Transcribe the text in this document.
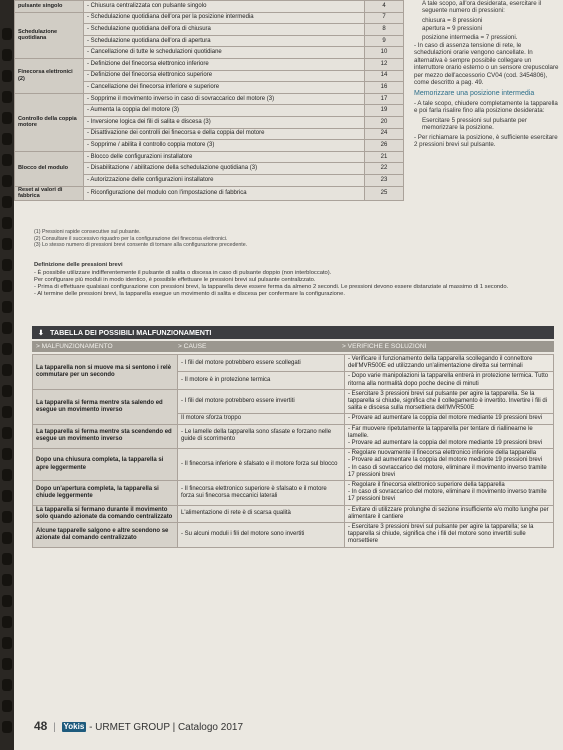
pulsante singolo	- Chiusura centralizzata con pulsante singolo	4
Schedulazione quotidiana	- Schedulazione quotidiana dell'ora per la posizione intermedia	7
	- Schedulazione quotidiana dell'ora di chiusura	8
	- Schedulazione quotidiana dell'ora di apertura	9
	- Cancellazione di tutte le schedulazioni quotidiane	10
Finecorsa elettronici (2)	- Definizione del finecorsa elettronico inferiore	12
	- Definizione del finecorsa elettronico superiore	14
	- Cancellazione dei finecorsa inferiore e superiore	16
Controllo della coppia motore	- Sopprime il movimento inverso in caso di sovraccarico del motore (3)	17
	- Aumenta la coppia del motore (3)	19
	- Inversione logica dei fili di salita e discesa (3)	20
	- Disattivazione dei controlli dei finecorsa e della coppia del motore	24
	- Sopprime / abilita il controllo coppia motore (3)	26
Blocco del modulo	- Blocco delle configurazioni installatore	21
	- Disabilitazione / abilitazione della schedulazione quotidiana (3)	22
	- Autorizzazione delle configurazioni installatore	23
Reset ai valori di fabbrica	- Riconfigurazione del modulo con l'impostazione di fabbrica	25

A tale scopo, all'ora desiderata, esercitare il seguente numero di pressioni:

chiusura = 8 pressioni

apertura = 9 pressioni

posizione intermedia = 7 pressioni.

- In caso di assenza tensione di rete, le schedulazioni orarie vengono cancellate. In alternativa è sempre possibile collegare un interruttore orario esterno o un sensore crepuscolare per mezzo dell'accessorio CV04 (cod. 3454806), come descritto a pag. 49.

Memorizzare una posizione intermedia

- A tale scopo, chiudere completamente la tapparella e poi farla risalire fino alla posizione desiderata:

Esercitare 5 pressioni sul pulsante per memorizzare la posizione.

- Per richiamare la posizione, è sufficiente esercitare 2 pressioni brevi sul pulsante.

(1) Pressioni rapide consecutive sul pulsante.

(2) Consultare il successivo riquadro per la configurazione dei finecorsa elettronici.

(3) Lo stesso numero di pressioni brevi consente di tornare alla configurazione precedente.

Definizione delle pressioni brevi

- È possibile utilizzare indifferentemente il pulsante di salita o discesa in caso di pulsante doppio (non interbloccato).

Per configurare più moduli in modo identico, è possibile effettuare le pressioni brevi sul pulsante centralizzato.

- Prima di effettuare qualsiasi configurazione con pressioni brevi, la tapparella deve essere ferma da almeno 2 secondi. Le pressioni devono essere distanziate al massimo di 1 secondo.

- Al termine delle pressioni brevi, la tapparella esegue un movimento di salita e discesa per confermare la configurazione.

⬇ TABELLA DEI POSSIBILI MALFUNZIONAMENTI
> MALFUNZIONAMENTO	> CAUSE	> VERIFICHE E SOLUZIONI
La tapparella non si muove ma si sentono i relè commutare per un secondo	- I fili del motore potrebbero essere scollegati	- Verificare il funzionamento della tapparella scollegando il connettore dell'MVR500E ed utilizzando un'alimentazione diretta sui terminali
	- Il motore è in protezione termica	- Dopo varie manipolazioni la tapparella entrerà in protezione termica. Tutto ritorna alla normalità dopo poche decine di minuti
La tapparella si ferma mentre sta salendo ed esegue un movimento inverso	- I fili del motore potrebbero essere invertiti	- Esercitare 3 pressioni brevi sul pulsante per agire la tapparella. Se la tapparella si chiude, significa che il collegamento è invertito. Invertire i fili di salita e discesa sulla morsettiera dell'MVR500E
	Il motore sforza troppo	- Provare ad aumentare la coppia del motore mediante 19 pressioni brevi
La tapparella si ferma mentre sta scendendo ed esegue un movimento inverso	- Le lamelle della tapparella sono sfasate e forzano nelle guide di scorrimento	- Far muovere ripetutamente la tapparella per tentare di riallinearne le lamelle.
- Provare ad aumentare la coppia del motore mediante 19 pressioni brevi
Dopo una chiusura completa, la tapparella si apre leggermente	- Il finecorsa inferiore è sfalsato e il motore forza sul blocco	- Regolare nuovamente il finecorsa elettronico inferiore della tapparella
- Provare ad aumentare la coppia del motore mediante 19 pressioni brevi
- In caso di sovraccarico del motore, eliminare il movimento inverso tramite 17 pressioni brevi
Dopo un'apertura completa, la tapparella si chiude leggermente	- Il finecorsa elettronico superiore è sfalsato e il motore forza sui finecorsa meccanici laterali	- Regolare il finecorsa elettronico superiore della tapparella
- In caso di sovraccarico del motore, eliminare il movimento inverso tramite 17 pressioni brevi
La tapparella si fermano durante il movimento solo quando azionate da comando centralizzato	L'alimentazione di rete è di scarsa qualità	- Evitare di utilizzare prolunghe di sezione insufficiente e/o molto lunghe per alimentare il cantiere
Alcune tapparelle salgono e altre scendono se azionate dal comando centralizzato	- Su alcuni moduli i fili del motore sono invertiti	- Esercitare 3 pressioni brevi sul pulsante per agire la tapparella; se la tapparella si chiude, significa che i fili del motore sono invertiti sulle morsettiere
48 | Yokis - URMET GROUP | Catalogo 2017
